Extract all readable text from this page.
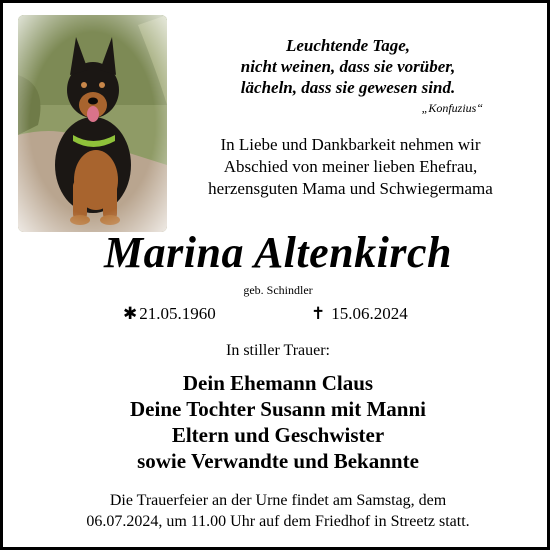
Leuchtende Tage,
nicht weinen, dass sie vorüber,
lächeln, dass sie gewesen sind.
„Konfuzius“
In Liebe und Dankbarkeit nehmen wir
Abschied von meiner lieben Ehefrau,
herzensguten Mama und Schwiegermama
Marina Altenkirch
geb. Schindler
✱ 21.05.1960	✝ 15.06.2024
In stiller Trauer:
Dein Ehemann Claus
Deine Tochter Susann mit Manni
Eltern und Geschwister
sowie Verwandte und Bekannte
Die Trauerfeier an der Urne findet am Samstag, dem
06.07.2024, um 11.00 Uhr auf dem Friedhof in Streetz statt.
